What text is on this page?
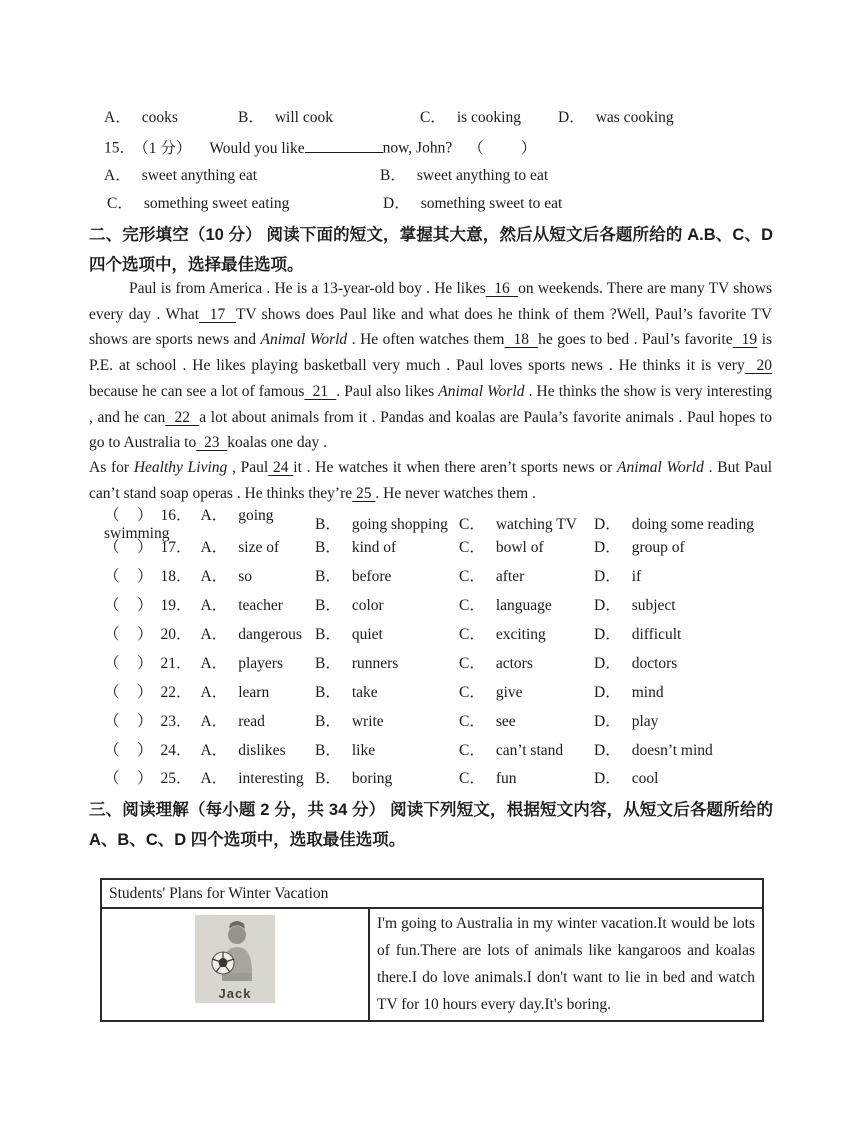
A． cooks	B． will cook	C． is cooking	D． was cooking
15． （1 分） Would you like	now, John? （　　）
A． sweet anything eat	B． sweet anything to eat
C． something sweet eating	D． something sweet to eat
二、完形填空（10 分） 阅读下面的短文，掌握其大意，然后从短文后各题所给的 A.B、C、D 四个选项中，选择最佳选项。
Paul is from America . He is a 13-year-old boy . He likes  16  on weekends. There are many TV shows every day . What  17  TV shows does Paul like and what does he think of them ?Well, Paul’s favorite TV shows are sports news and Animal World . He often watches them  18  he goes to bed . Paul’s favorite  19 is P.E. at school . He likes playing basketball very much . Paul loves sports news . He thinks it is very  20 because he can see a lot of famous  21  . Paul also likes Animal World . He thinks the show is very interesting , and he can  22  a lot about animals from it . Pandas and koalas are Paula’s favorite animals . Paul hopes to go to Australia to  23  koalas one day .
As for Healthy Living , Paul 24 it . He watches it when there aren’t sports news or Animal World . But Paul can’t stand soap operas . He thinks they’re 25 . He never watches them .
（　） 16． A． going swimming
B． going shopping C． watching TV	D． doing some reading
（　） 17． A． size of	B． kind of	C． bowl of	D． group of
（　） 18． A． so	B． before	C． after	D． if
（　） 19． A． teacher	B． color	C． language	D． subject
（　） 20． A． dangerous B． quiet	C． exciting	D． difficult
（　） 21． A． players	B． runners	C． actors	D． doctors
（　） 22． A． learn	B． take	C． give	D． mind
（　） 23． A． read	B． write	C． see	D． play
（　） 24． A． dislikes	B． like	C． can’t stand	D． doesn’t mind
（　） 25． A． interesting B． boring	C． fun	D． cool
三、阅读理解（每小题 2 分，共 34 分） 阅读下列短文，根据短文内容，从短文后各题所给的 A、B、C、D 四个选项中，选取最佳选项。
Students' Plans for Winter Vacation
Jack
I'm going to Australia in my winter vacation.It would be lots of fun.There are lots of animals like kangaroos and koalas there.I do love animals.I don't want to lie in bed and watch TV for 10 hours every day.It's boring.
